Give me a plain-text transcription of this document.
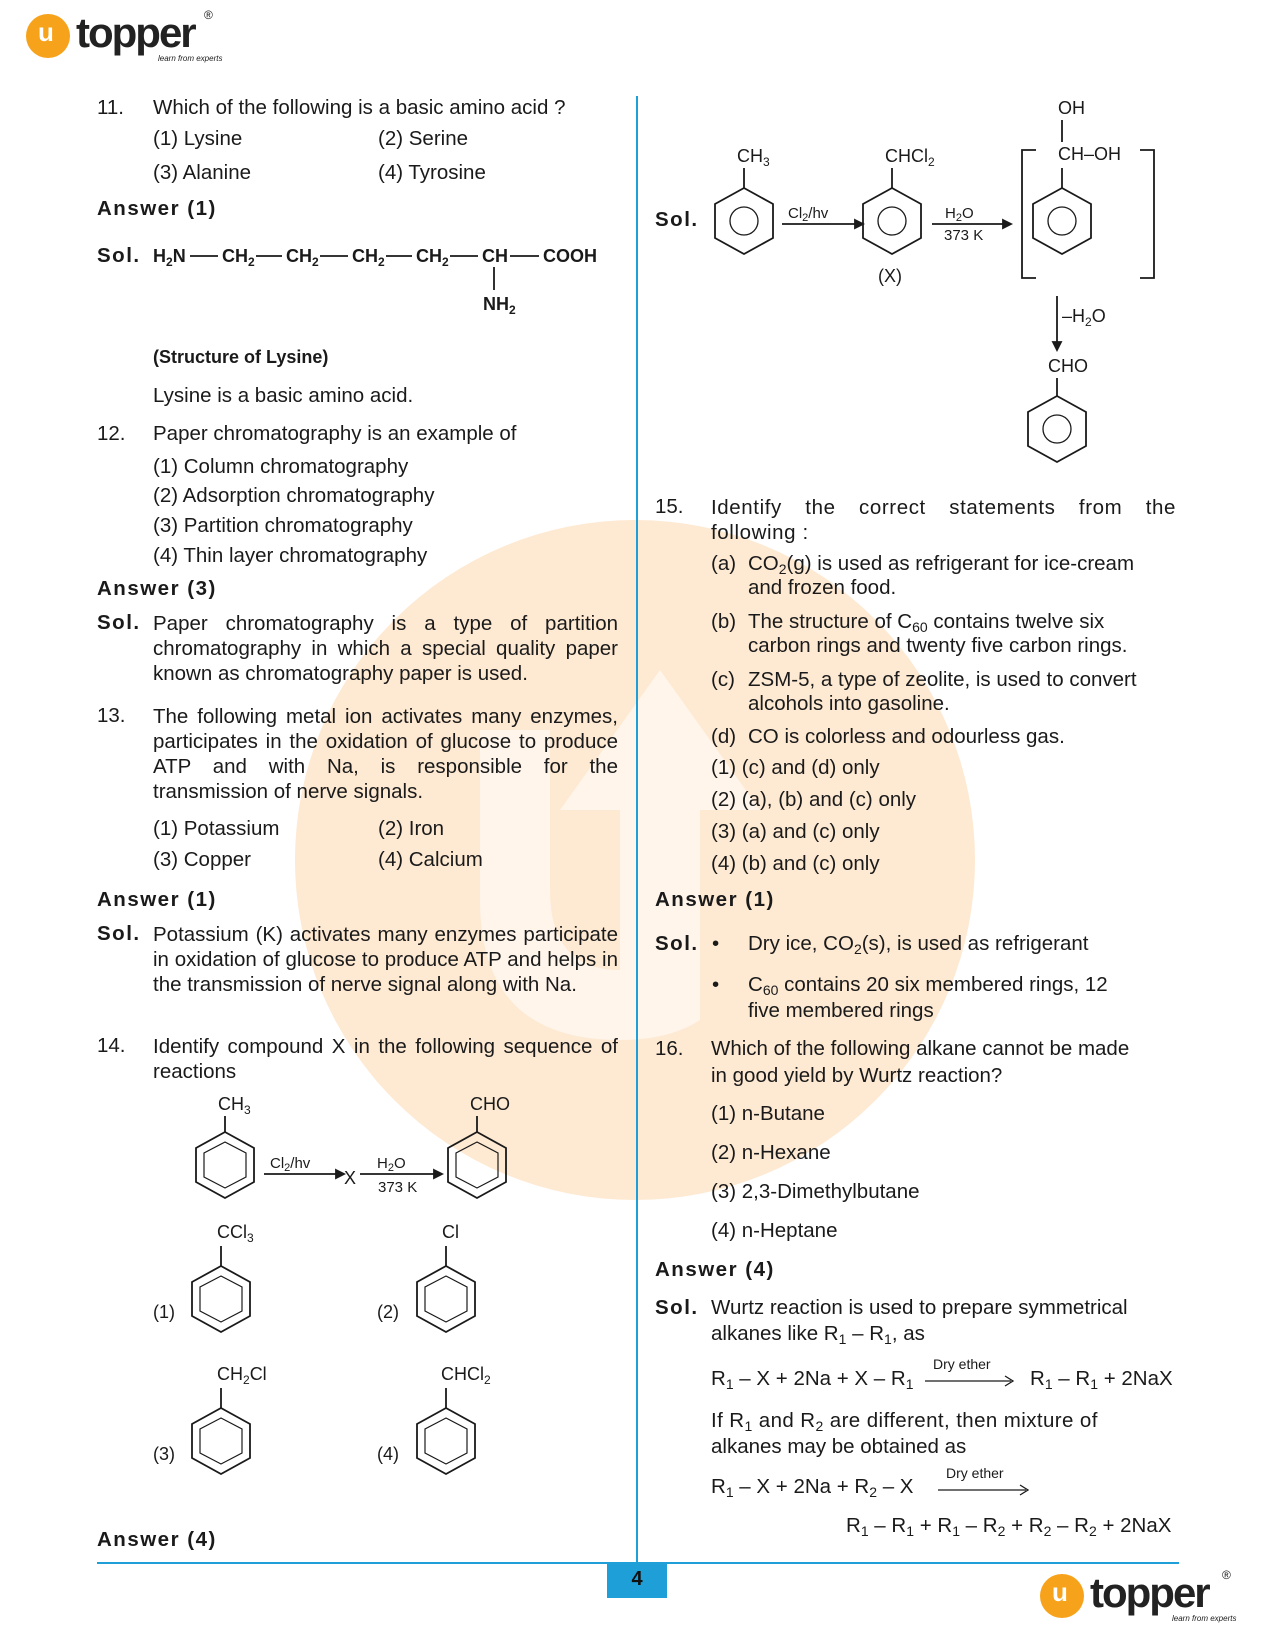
u topper ®
learn from experts
4	u topper ®
learn from experts
11. Which of the following is a basic amino acid ?
(1) Lysine	(2) Serine
(3) Alanine	(4) Tyrosine
Answer (1)
Sol. $H_2N$ $CH_2$ $CH_2$ $CH_2$ $CH_2$ CH COOH
$NH_2$
(Structure of Lysine)
Lysine is a basic amino acid.
12. Paper chromatography is an example of
(1) Column chromatography
(2) Adsorption chromatography
(3) Partition chromatography
(4) Thin layer chromatography
Answer (3)
Sol. Paper chromatography is a type of partition chromatography in which a special quality paper known as chromatography paper is used.
13. The following metal ion activates many enzymes, participates in the oxidation of glucose to produce ATP and with Na, is responsible for the transmission of nerve signals.
(1) Potassium	(2) Iron
(3) Copper	(4) Calcium
Answer (1)
Sol. Potassium (K) activates many enzymes participate in oxidation of glucose to produce ATP and helps in the transmission of nerve signal along with Na.
14. Identify compound X in the following sequence of reactions
$CH_3$	CHO
$Cl_2/hv$
X
$H_2O$
373 K
(1)
CCl$_3$
(2)
Cl
(3)
$CH_2Cl$
(4)
CHCl$_2$
Answer (4)
Sol.
$CH_3$	CHCl$_2$
$Cl_2/hv$	$H_2O$
373 K
(X)
OH
CH–OH
$-H_2O$
CHO
15. Identify the correct statements from the following :
(a) $CO_2(g)$ is used as refrigerant for ice-cream
and frozen food.
(b) The structure of $C_{60}$ contains twelve six
carbon rings and twenty five carbon rings.
(c) ZSM-5, a type of zeolite, is used to convert
alcohols into gasoline.
(d) CO is colorless and odourless gas.
(1) (c) and (d) only
(2) (a), (b) and (c) only
(3) (a) and (c) only
(4) (b) and (c) only
Answer (1)
Sol. • Dry ice, $CO_2(s)$, is used as refrigerant
• $C_{60}$ contains 20 six membered rings, 12
five membered rings
16. Which of the following alkane cannot be made
in good yield by Wurtz reaction?
(1) n-Butane
(2) n-Hexane
(3) 2,3-Dimethylbutane
(4) n-Heptane
Answer (4)
Sol. Wurtz reaction is used to prepare symmetrical
alkanes like $R_1 - R_1$, as
$R_1 - X + 2Na + X - R_1$
Dry ether
$R_1 - R_1 + 2NaX$
If $R_1$ and $R_2$ are different, then mixture of
alkanes may be obtained as
$R_1 - X + 2Na + R_2 - X$
Dry ether
$R_1 - R_1 + R_1 - R_2 + R_2 - R_2 + 2NaX$
